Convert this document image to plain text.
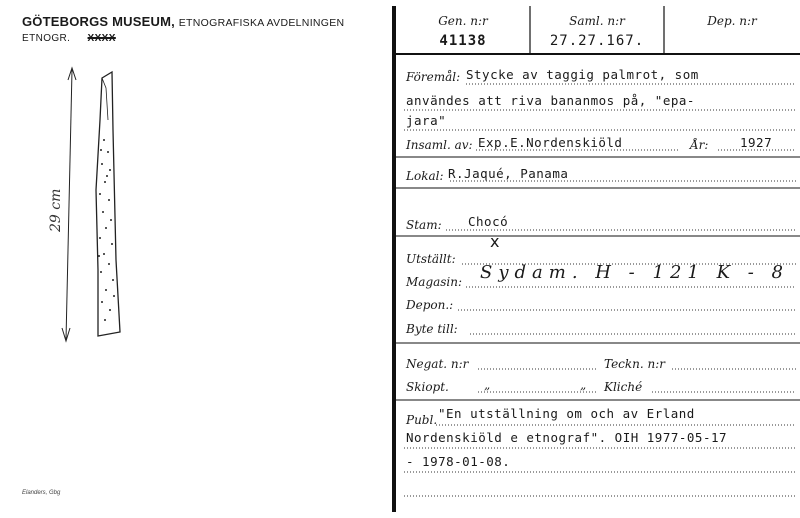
GÖTEBORGS MUSEUM, ETNOGRAFISKA AVDELNINGEN
ETNOGR. XXXX
29 cm
Elanders, Gbg
Gen. n:r
41138
Saml. n:r
27.27.167.
Dep. n:r
Föremål: Stycke av taggig palmrot, som
användes att riva bananmos på, "epa-
jara"
Insaml. av: Exp.E.Nordenskiöld	År:	1927
Lokal: R.Jaqué, Panama
Stam: Chocó
Utställt:
x
Magasin: Sydam. H - 121 K - 8
Depon.:
Byte till:
Negat. n:r	Teckn. n:r
Skiopt.	„	„ Kliché
Publ. "En utställning om och av Erland
Nordenskiöld e etnograf". OIH 1977-05-17
- 1978-01-08.
